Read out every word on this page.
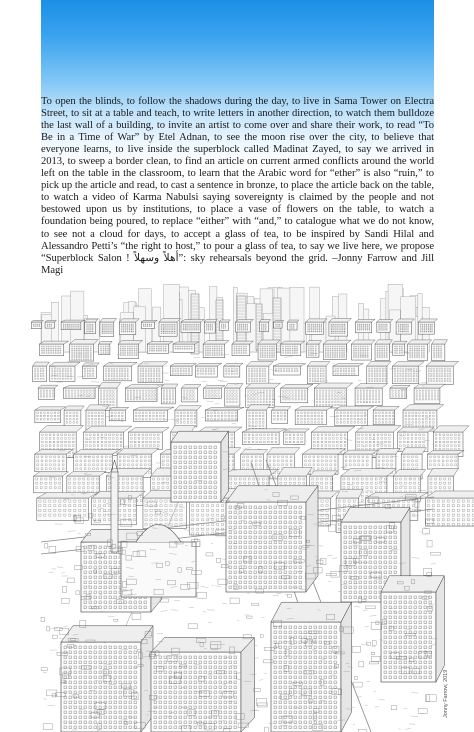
To open the blinds, to follow the shadows during the day, to live in Sama Tower on Electra Street, to sit at a table and teach, to write letters in another direction, to watch them bulldoze the last wall of a building, to invite an artist to come over and share their work, to read “To Be in a Time of War” by Etel Adnan, to see the moon rise over the city, to believe that everyone learns, to live inside the superblock called Madinat Zayed, to say we arrived in 2013, to sweep a border clean, to find an article on current armed conflicts around the world left on the table in the classroom, to learn that the Arabic word for “ether” is also “ruin,” to pick up the article and read, to cast a sentence in bronze, to place the article back on the table, to watch a video of Karma Nabulsi saying sovereignty is claimed by the people and not bestowed upon us by institutions, to place a vase of flowers on the table, to watch a foundation being poured, to replace “either” with “and,” to catalogue what we do not know, to see not a cloud for days, to accept a glass of tea, to be inspired by Sandi Hilal and Alessandro Petti’s “the right to host,” to pour a glass of tea, to say we live here, we propose “Superblock Salon ! أهلاً وسهلاً”: sky rehearsals beyond the grid. –Jonny Farrow and Jill Magi

Jonny Farrow, 2019
